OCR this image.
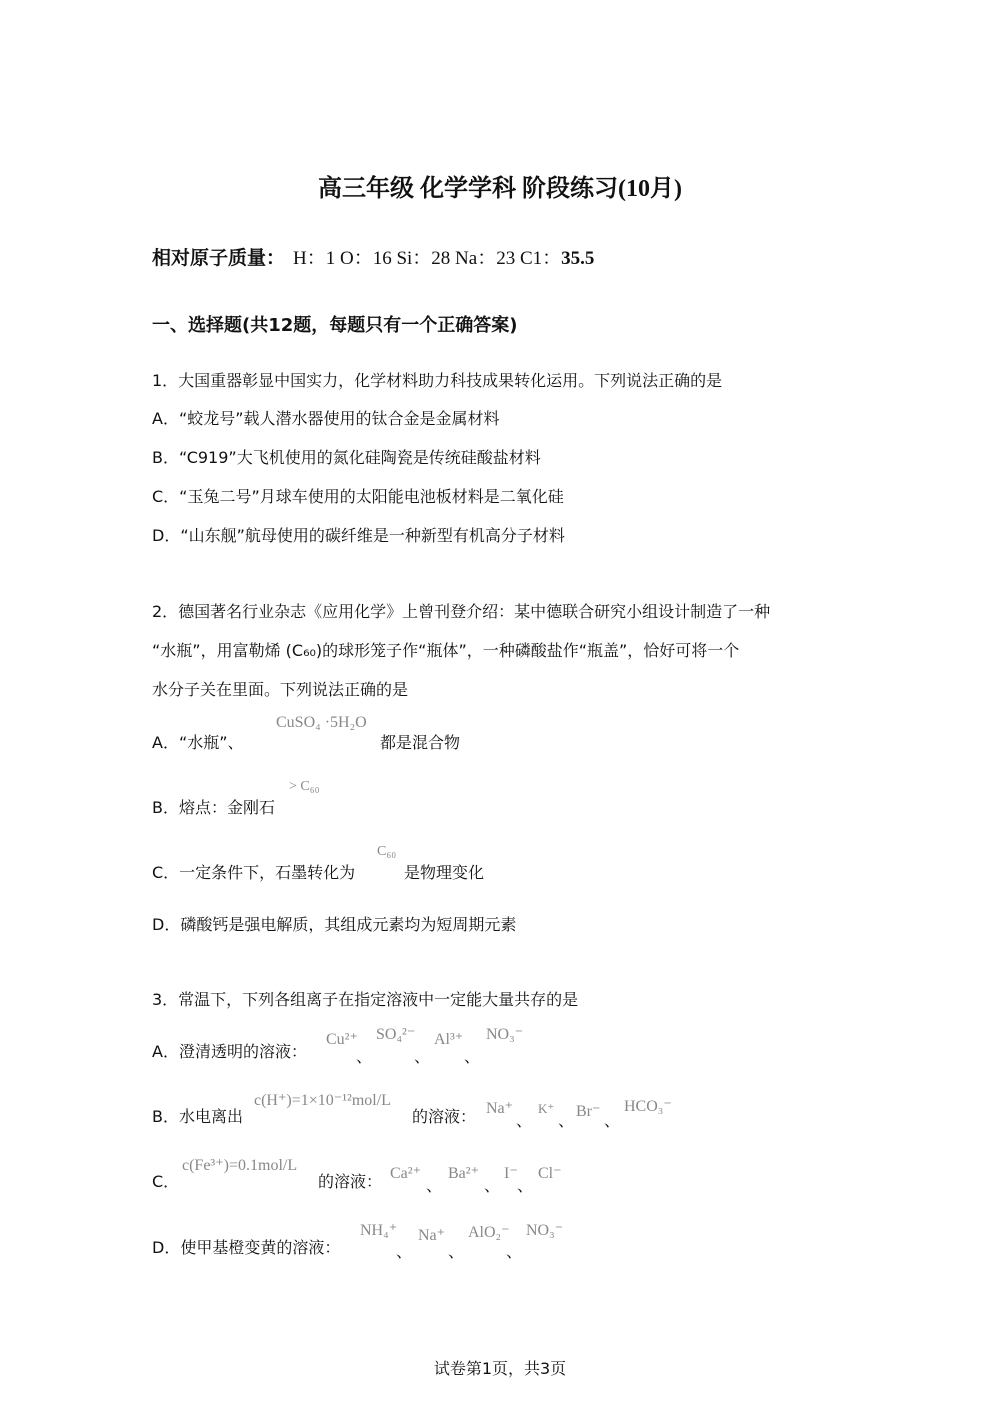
高三年级 化学学科 阶段练习(10月)
相对原子质量： H：1 O：16 Si：28 Na：23 C1：35.5
一、选择题(共12题，每题只有一个正确答案)
1．大国重器彰显中国实力，化学材料助力科技成果转化运用。下列说法正确的是
A．“蛟龙号”载人潜水器使用的钛合金是金属材料
B．“C919”大飞机使用的氮化硅陶瓷是传统硅酸盐材料
C．“玉兔二号”月球车使用的太阳能电池板材料是二氧化硅
D．“山东舰”航母使用的碳纤维是一种新型有机高分子材料
2．德国著名行业杂志《应用化学》上曾刊登介绍：某中德联合研究小组设计制造了一种
“水瓶”，用富勒烯 (C₆₀)的球形笼子作“瓶体”，一种磷酸盐作“瓶盖”，恰好可将一个
水分子关在里面。下列说法正确的是
A．“水瓶”、
CuSO₄ ·5H₂O
都是混合物
B．熔点：金刚石
> C₆₀
C．一定条件下，石墨转化为
C₆₀
是物理变化
D．磷酸钙是强电解质，其组成元素均为短周期元素
3．常温下，下列各组离子在指定溶液中一定能大量共存的是
A．澄清透明的溶液：
Cu²⁺
、
SO₄²⁻
、
Al³⁺
、
NO₃⁻
B．水电离出
c(H⁺)=1×10⁻¹²mol/L
的溶液： Na⁺
、
K⁺
、 Br⁻ 、
HCO₃⁻
C．
c(Fe³⁺)=0.1mol/L
的溶液： Ca²⁺
、
Ba²⁺
、
I⁻
、
Cl⁻
D．使甲基橙变黄的溶液：
NH₄⁺
、
Na⁺
、
AlO₂⁻
、
NO₃⁻
试卷第1页，共3页
